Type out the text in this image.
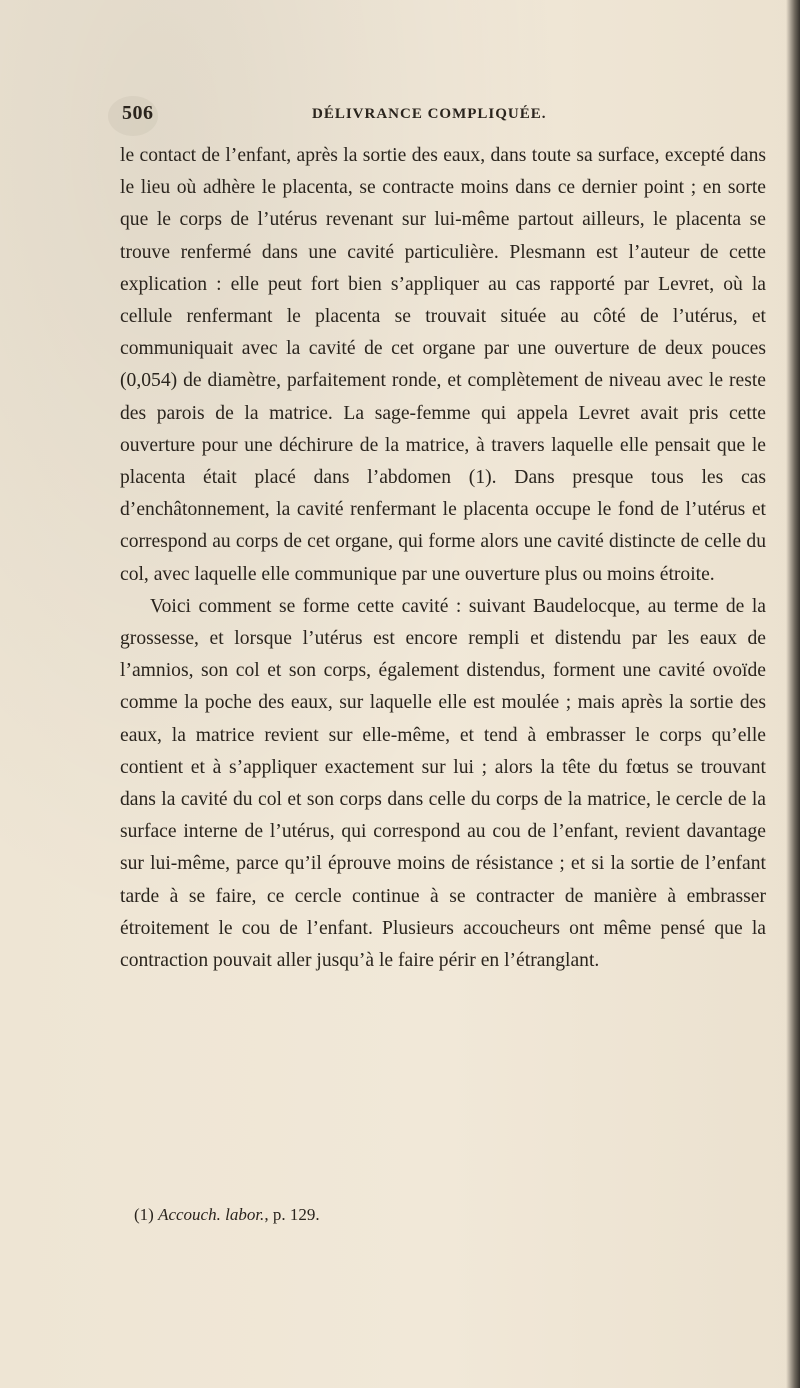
506	DÉLIVRANCE COMPLIQUÉE.

le contact de l’enfant, après la sortie des eaux, dans toute sa surface, excepté dans le lieu où adhère le placenta, se contracte moins dans ce dernier point ; en sorte que le corps de l’utérus revenant sur lui-même partout ailleurs, le placenta se trouve renfermé dans une cavité particulière. Plesmann est l’auteur de cette explication : elle peut fort bien s’appliquer au cas rapporté par Levret, où la cellule renfermant le placenta se trouvait située au côté de l’utérus, et communiquait avec la cavité de cet organe par une ouverture de deux pouces (0,054) de diamètre, parfaitement ronde, et complètement de niveau avec le reste des parois de la matrice. La sage-femme qui appela Levret avait pris cette ouverture pour une déchirure de la matrice, à travers laquelle elle pensait que le placenta était placé dans l’abdomen (1). Dans presque tous les cas d’enchâtonnement, la cavité renfermant le placenta occupe le fond de l’utérus et correspond au corps de cet organe, qui forme alors une cavité distincte de celle du col, avec laquelle elle communique par une ouverture plus ou moins étroite.

Voici comment se forme cette cavité : suivant Baudelocque, au terme de la grossesse, et lorsque l’utérus est encore rempli et distendu par les eaux de l’amnios, son col et son corps, également distendus, forment une cavité ovoïde comme la poche des eaux, sur laquelle elle est moulée ; mais après la sortie des eaux, la matrice revient sur elle-même, et tend à embrasser le corps qu’elle contient et à s’appliquer exactement sur lui ; alors la tête du fœtus se trouvant dans la cavité du col et son corps dans celle du corps de la matrice, le cercle de la surface interne de l’utérus, qui correspond au cou de l’enfant, revient davantage sur lui-même, parce qu’il éprouve moins de résistance ; et si la sortie de l’enfant tarde à se faire, ce cercle continue à se contracter de manière à embrasser étroitement le cou de l’enfant. Plusieurs accoucheurs ont même pensé que la contraction pouvait aller jusqu’à le faire périr en l’étranglant.

(1) Accouch. labor., p. 129.
